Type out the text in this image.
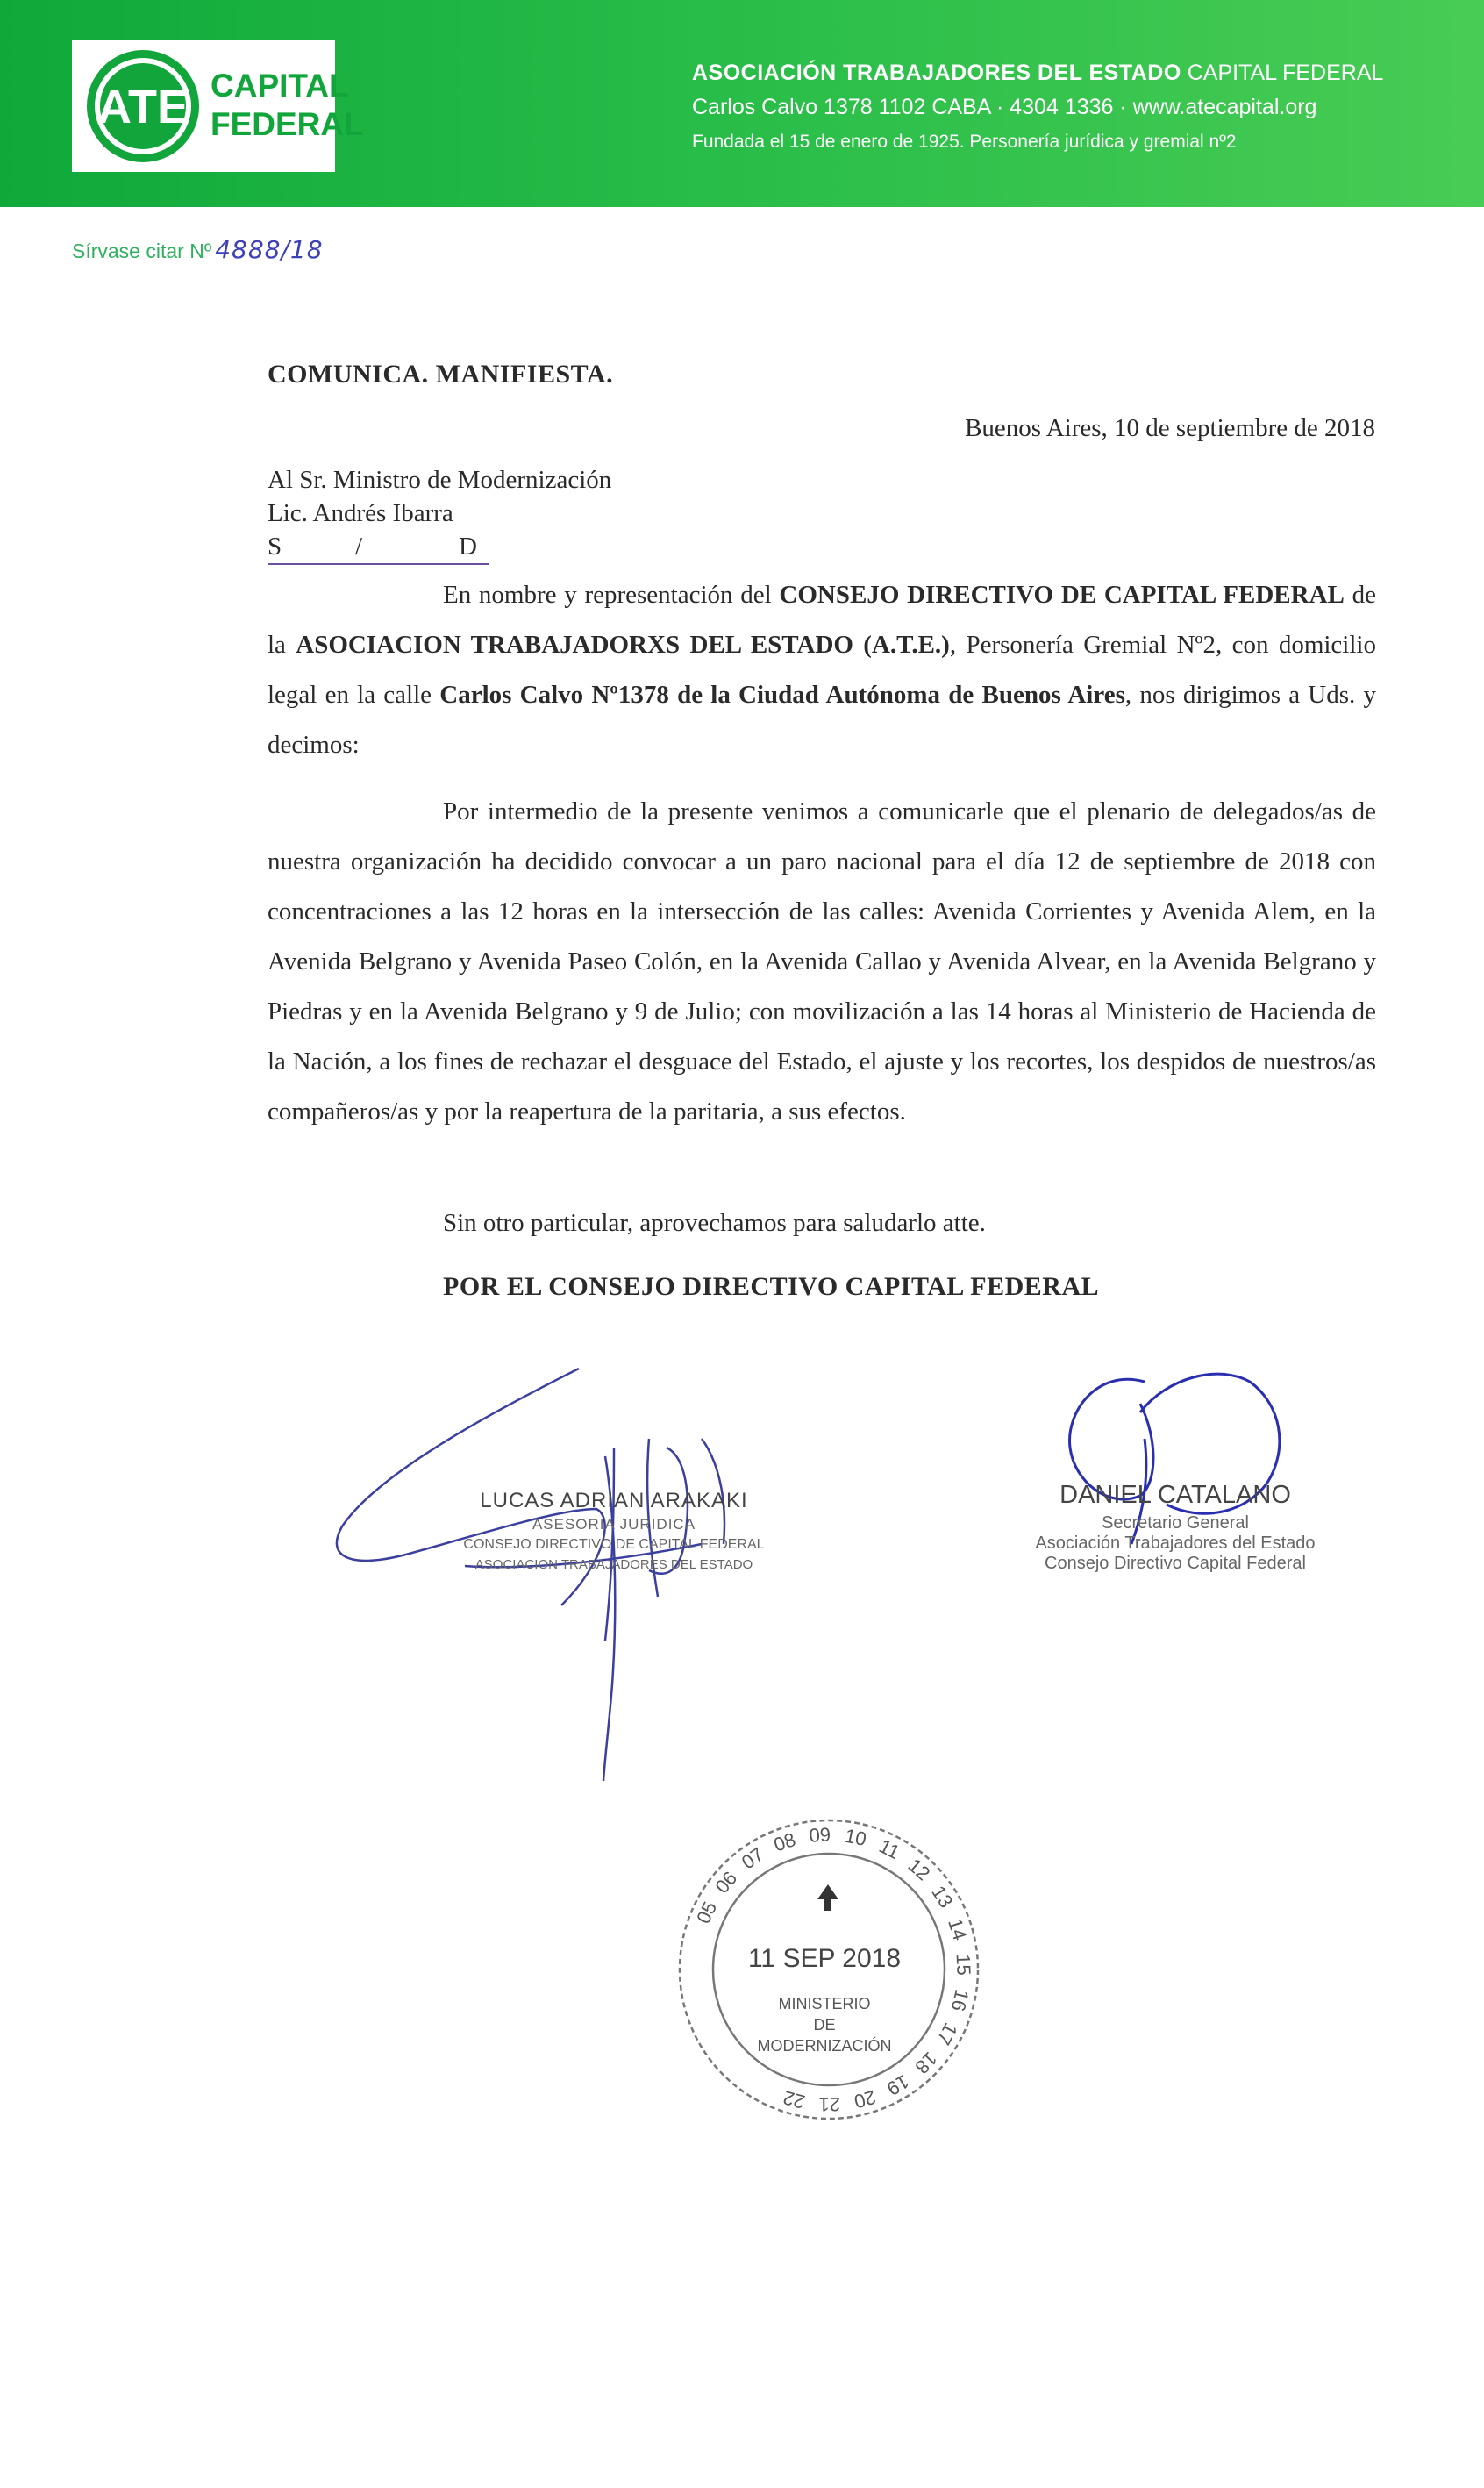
ATE CAPITAL
FEDERAL
ASOCIACIÓN TRABAJADORES DEL ESTADO CAPITAL FEDERAL
Carlos Calvo 1378 1102 CABA · 4304 1336 · www.atecapital.org
Fundada el 15 de enero de 1925. Personería jurídica y gremial nº2
Sírvase citar Nº 4888/18
COMUNICA. MANIFIESTA.
Buenos Aires, 10 de septiembre de 2018
Al Sr. Ministro de Modernización
Lic. Andrés Ibarra
S	/	D
En nombre y representación del CONSEJO DIRECTIVO DE CAPITAL FEDERAL de la ASOCIACION TRABAJADORXS DEL ESTADO (A.T.E.), Personería Gremial Nº2, con domicilio legal en la calle Carlos Calvo Nº1378 de la Ciudad Autónoma de Buenos Aires, nos dirigimos a Uds. y decimos:
Por intermedio de la presente venimos a comunicarle que el plenario de delegados/as de nuestra organización ha decidido convocar a un paro nacional para el día 12 de septiembre de 2018 con concentraciones a las 12 horas en la intersección de las calles: Avenida Corrientes y Avenida Alem, en la Avenida Belgrano y Avenida Paseo Colón, en la Avenida Callao y Avenida Alvear, en la Avenida Belgrano y Piedras y en la Avenida Belgrano y 9 de Julio; con movilización a las 14 horas al Ministerio de Hacienda de la Nación, a los fines de rechazar el desguace del Estado, el ajuste y los recortes, los despidos de nuestros/as compañeros/as y por la reapertura de la paritaria, a sus efectos.
Sin otro particular, aprovechamos para saludarlo atte.
POR EL CONSEJO DIRECTIVO CAPITAL FEDERAL
05
06
07
08 09 10 11
12
13
14
15
16
17
18
19
20
21
22
LUCAS ADRIAN ARAKAKI
ASESORIA JURIDICA
CONSEJO DIRECTIVO DE CAPITAL FEDERAL
ASOCIACION TRABAJADORES DEL ESTADO
DANIEL CATALANO
Secretario General
Asociación Trabajadores del Estado
Consejo Directivo Capital Federal
11 SEP 2018
MINISTERIO
DE
MODERNIZACIÓN
